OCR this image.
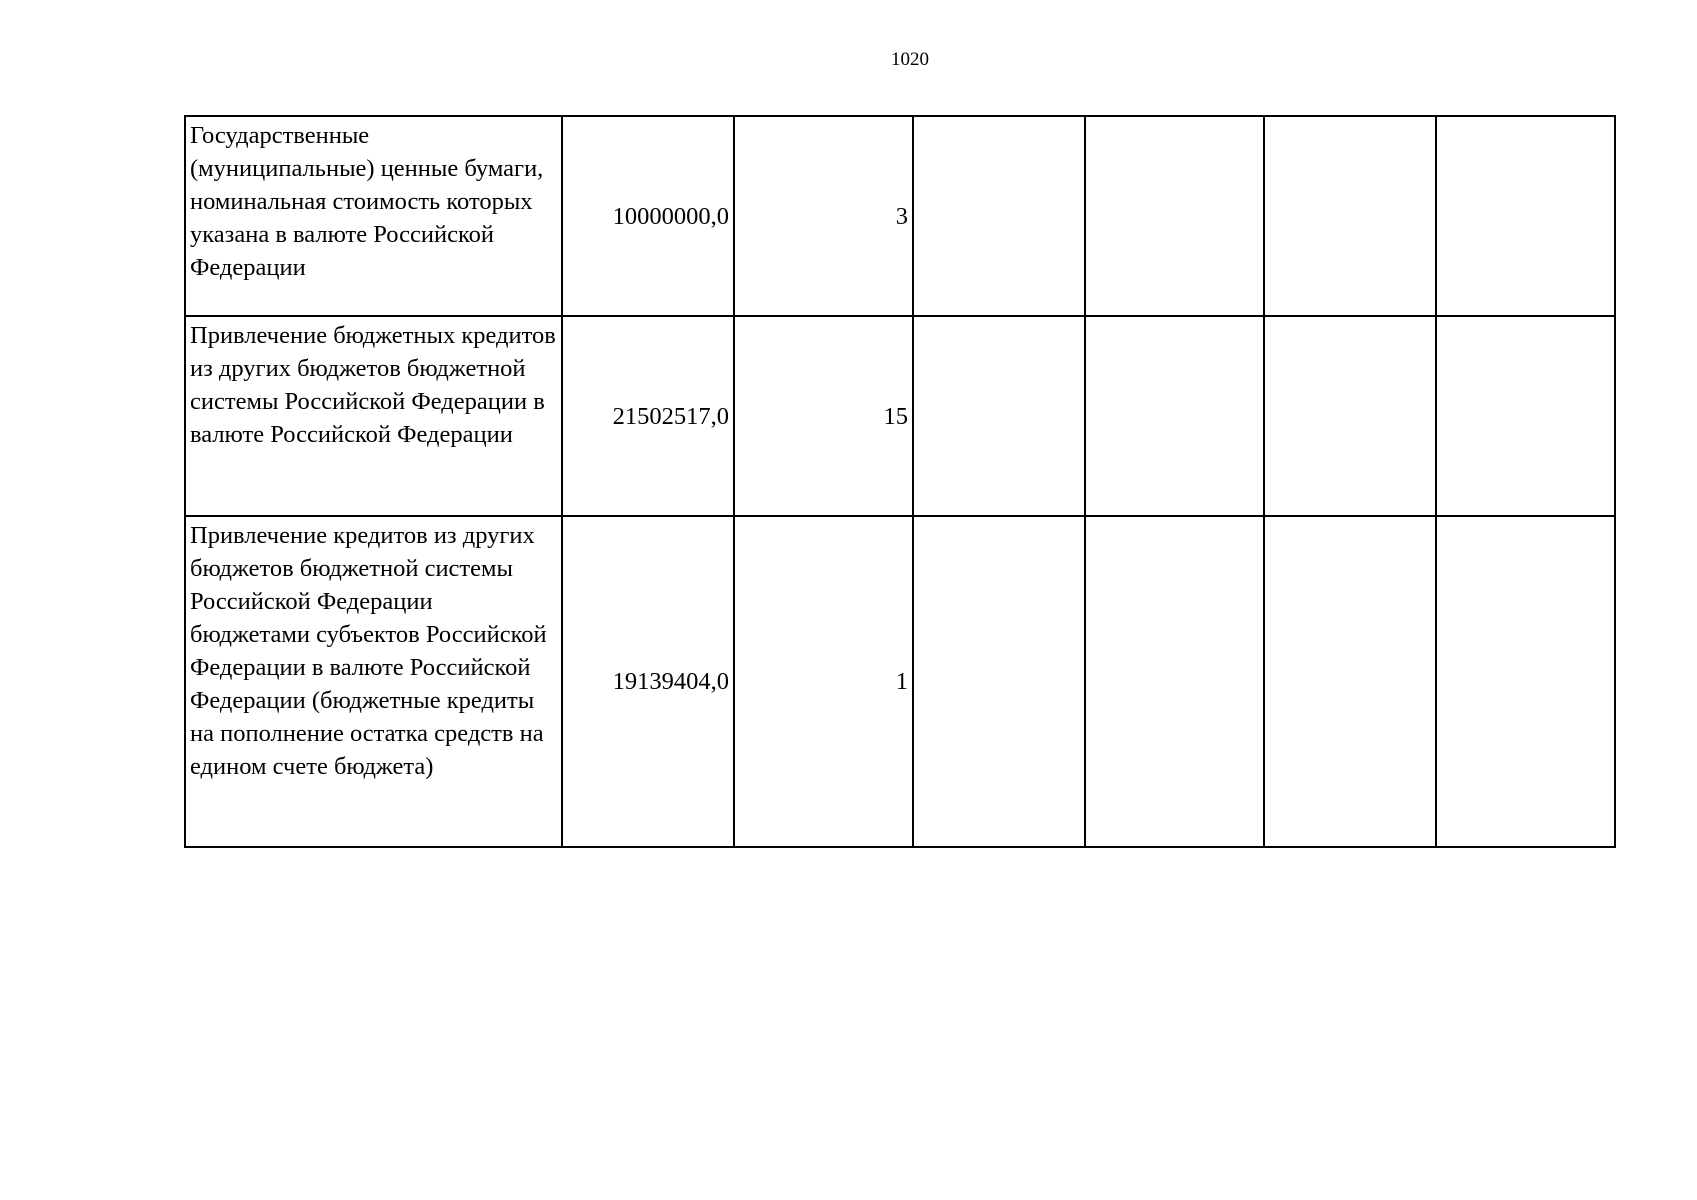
1020
Государственные (муниципальные) ценные бумаги, номинальная стоимость которых указана в валюте Российской Федерации	10000000,0	3				
Привлечение бюджетных кредитов из других бюджетов бюджетной системы Российской Федерации в валюте Российской Федерации	21502517,0	15				
Привлечение кредитов из других бюджетов бюджетной системы Российской Федерации бюджетами субъектов Российской Федерации в валюте Российской Федерации (бюджетные кредиты на пополнение остатка средств на едином счете бюджета)	19139404,0	1				
